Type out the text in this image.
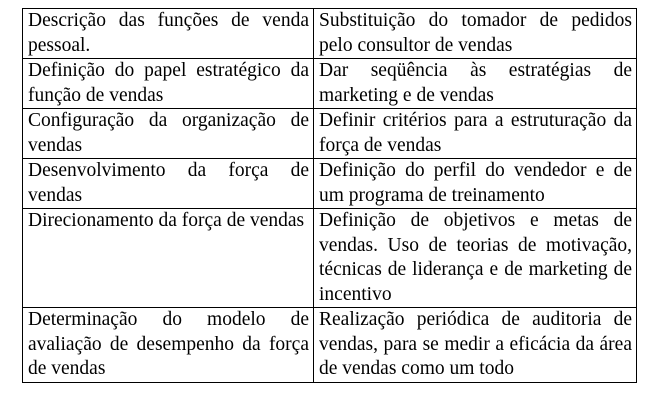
Descrição das funções de venda pessoal.	Substituição do tomador de pedidos pelo consultor de vendas
Definição do papel estratégico da função de vendas	Dar seqüência às estratégias de marketing e de vendas
Configuração da organização de vendas	Definir critérios para a estruturação da força de vendas
Desenvolvimento da força de vendas	Definição do perfil do vendedor e de um programa de treinamento
Direcionamento da força de vendas	Definição de objetivos e metas de vendas. Uso de teorias de motivação, técnicas de liderança e de marketing de incentivo
Determinação do modelo de avaliação de desempenho da força de vendas	Realização periódica de auditoria de vendas, para se medir a eficácia da área de vendas como um todo
